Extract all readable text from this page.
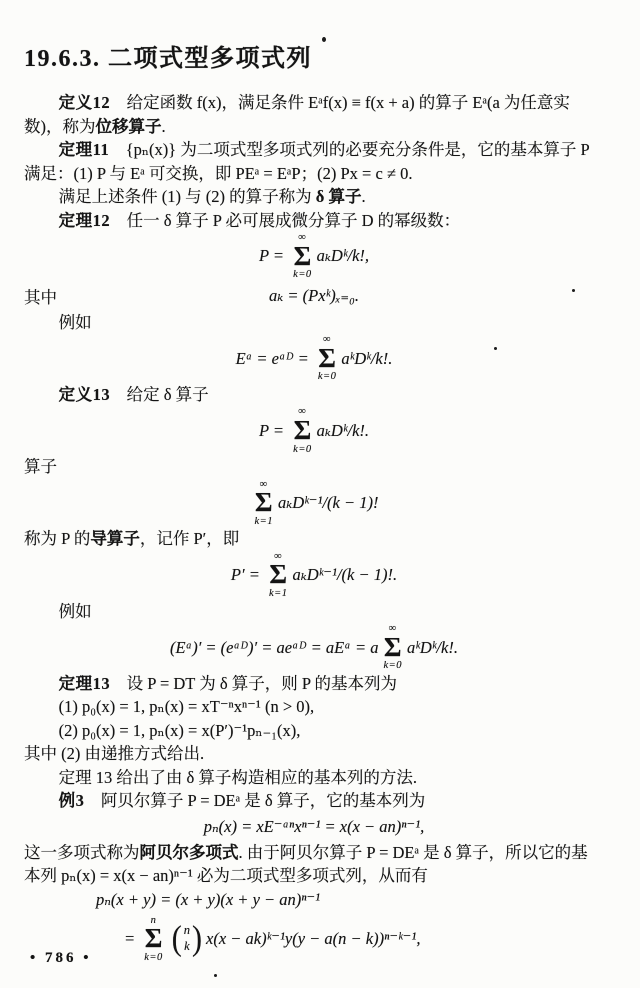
19.6.3. 二项式型多项式列

定义12　给定函数 f(x)，满足条件 Eᵃf(x) ≡ f(x + a) 的算子 Eᵃ(a 为任意实数)，称为位移算子.

定理11　{pₙ(x)} 为二项式型多项式列的必要充分条件是，它的基本算子 P 满足：(1) P 与 Eᵃ 可交换，即 PEᵃ = EᵃP；(2) Px = c ≠ 0.

满足上述条件 (1) 与 (2) 的算子称为 δ 算子.

定理12　任一 δ 算子 P 必可展成微分算子 D 的幂级数：

P =
∞
Σ
k=0
aₖDᵏ/k!,
其中	aₖ = (Pxᵏ)ₓ₌₀.

例如

Eᵃ = eᵃᴰ =
∞
Σ
k=0
aᵏDᵏ/k!.

定义13　给定 δ 算子

P =
∞
Σ
k=0
aₖDᵏ/k!.

算子

∞
Σ
k=1
aₖDᵏ⁻¹/(k − 1)!

称为 P 的导算子，记作 P′，即

P′ =
∞
Σ
k=1
aₖDᵏ⁻¹/(k − 1)!.

例如

(Eᵃ)′ = (eᵃᴰ)′ = aeᵃᴰ = aEᵃ = a
∞
Σ
k=0
aᵏDᵏ/k!.

定理13　设 P = DT 为 δ 算子，则 P 的基本列为

(1) p₀(x) = 1, pₙ(x) = xT⁻ⁿxⁿ⁻¹ (n > 0),

(2) p₀(x) = 1, pₙ(x) = x(P′)⁻¹pₙ₋₁(x),

其中 (2) 由递推方式给出.

定理 13 给出了由 δ 算子构造相应的基本列的方法.

例3　阿贝尔算子 P = DEᵃ 是 δ 算子，它的基本列为

pₙ(x) = xE⁻ᵃⁿxⁿ⁻¹ = x(x − an)ⁿ⁻¹,

这一多项式称为阿贝尔多项式. 由于阿贝尔算子 P = DEᵃ 是 δ 算子，所以它的基本列 pₙ(x) = x(x − an)ⁿ⁻¹ 必为二项式型多项式列，从而有

pₙ(x + y) = (x + y)(x + y − an)ⁿ⁻¹
=
n
Σ
k=0 ( n
k ) x(x − ak)ᵏ⁻¹y(y − a(n − k))ⁿ⁻ᵏ⁻¹,
• 786 •
